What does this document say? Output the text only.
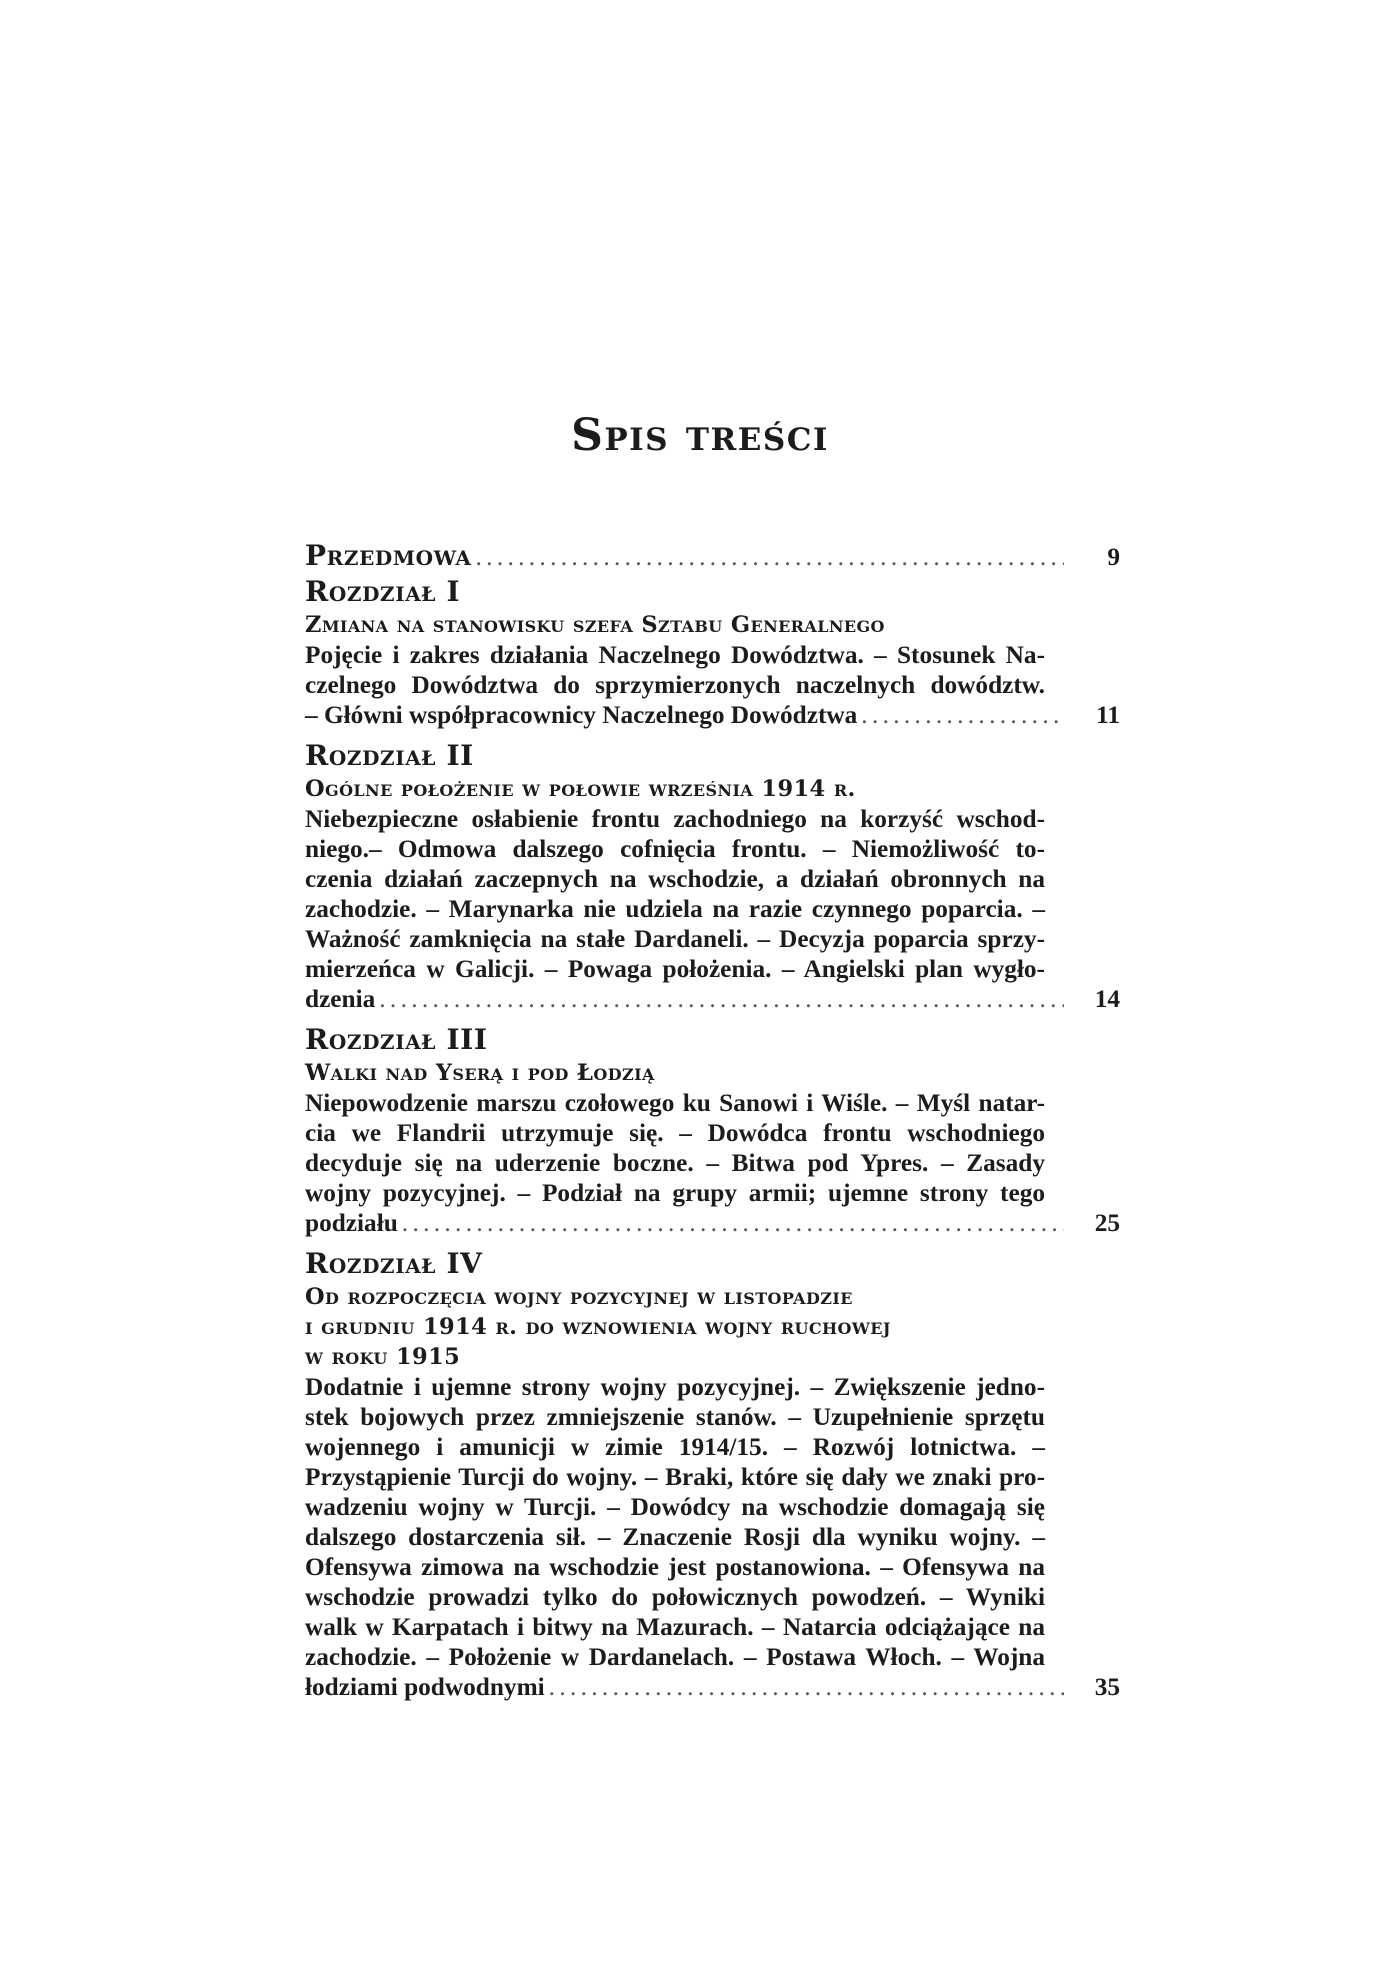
Spis treści
Przedmowa . . .	9
Rozdział I
Zmiana na stanowisku szefa Sztabu Generalnego
Pojęcie i zakres działania Naczelnego Dowództwa. – Stosunek Na-
czelnego Dowództwa do sprzymierzonych naczelnych dowództw.
– Główni współpracownicy Naczelnego Dowództwa . . .	11
Rozdział II
Ogólne położenie w połowie września 1914 r.
Niebezpieczne osłabienie frontu zachodniego na korzyść wschod-
niego.– Odmowa dalszego cofnięcia frontu. – Niemożliwość to-
czenia działań zaczepnych na wschodzie, a działań obronnych na
zachodzie. – Marynarka nie udziela na razie czynnego poparcia. –
Ważność zamknięcia na stałe Dardaneli. – Decyzja poparcia sprzy-
mierzeńca w Galicji. – Powaga położenia. – Angielski plan wygło-
dzenia . . .	14
Rozdział III
Walki nad Yserą i pod Łodzią
Niepowodzenie marszu czołowego ku Sanowi i Wiśle. – Myśl natar-
cia we Flandrii utrzymuje się. – Dowódca frontu wschodniego
decyduje się na uderzenie boczne. – Bitwa pod Ypres. – Zasady
wojny pozycyjnej. – Podział na grupy armii; ujemne strony tego
podziału . . .	25
Rozdział IV
Od rozpoczęcia wojny pozycyjnej w listopadzie
i grudniu 1914 r. do wznowienia wojny ruchowej
w roku 1915
Dodatnie i ujemne strony wojny pozycyjnej. – Zwiększenie jedno-
stek bojowych przez zmniejszenie stanów. – Uzupełnienie sprzętu
wojennego i amunicji w zimie 1914/15. – Rozwój lotnictwa. –
Przystąpienie Turcji do wojny. – Braki, które się dały we znaki pro-
wadzeniu wojny w Turcji. – Dowódcy na wschodzie domagają się
dalszego dostarczenia sił. – Znaczenie Rosji dla wyniku wojny. –
Ofensywa zimowa na wschodzie jest postanowiona. – Ofensywa na
wschodzie prowadzi tylko do połowicznych powodzeń. – Wyniki
walk w Karpatach i bitwy na Mazurach. – Natarcia odciążające na
zachodzie. – Położenie w Dardanelach. – Postawa Włoch. – Wojna
łodziami podwodnymi . . .	35
